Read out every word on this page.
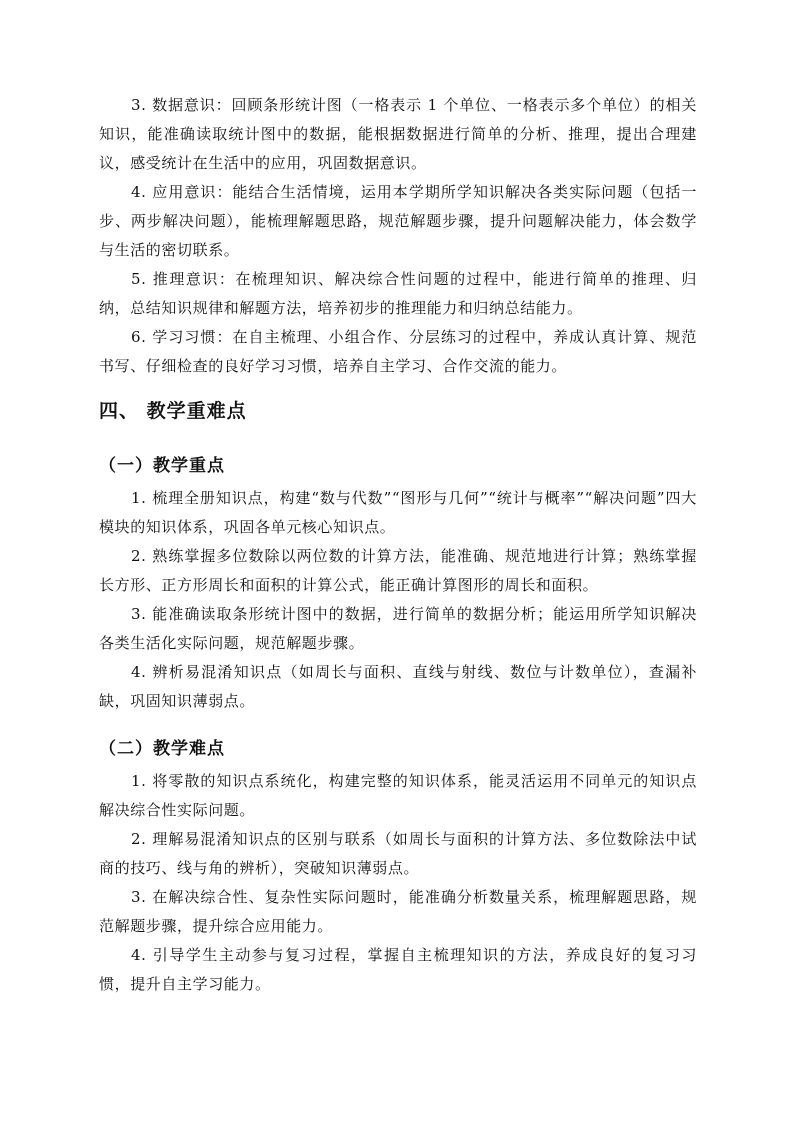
3. 数据意识：回顾条形统计图（一格表示 1 个单位、一格表示多个单位）的相关知识，能准确读取统计图中的数据，能根据数据进行简单的分析、推理，提出合理建议，感受统计在生活中的应用，巩固数据意识。

4. 应用意识：能结合生活情境，运用本学期所学知识解决各类实际问题（包括一步、两步解决问题），能梳理解题思路，规范解题步骤，提升问题解决能力，体会数学与生活的密切联系。

5. 推理意识：在梳理知识、解决综合性问题的过程中，能进行简单的推理、归纳，总结知识规律和解题方法，培养初步的推理能力和归纳总结能力。

6. 学习习惯：在自主梳理、小组合作、分层练习的过程中，养成认真计算、规范书写、仔细检查的良好学习习惯，培养自主学习、合作交流的能力。

四、 教学重难点
（一）教学重点

1. 梳理全册知识点，构建“数与代数”“图形与几何”“统计与概率”“解决问题”四大模块的知识体系，巩固各单元核心知识点。

2. 熟练掌握多位数除以两位数的计算方法，能准确、规范地进行计算；熟练掌握长方形、正方形周长和面积的计算公式，能正确计算图形的周长和面积。

3. 能准确读取条形统计图中的数据，进行简单的数据分析；能运用所学知识解决各类生活化实际问题，规范解题步骤。

4. 辨析易混淆知识点（如周长与面积、直线与射线、数位与计数单位），查漏补缺，巩固知识薄弱点。

（二）教学难点

1. 将零散的知识点系统化，构建完整的知识体系，能灵活运用不同单元的知识点解决综合性实际问题。

2. 理解易混淆知识点的区别与联系（如周长与面积的计算方法、多位数除法中试商的技巧、线与角的辨析），突破知识薄弱点。

3. 在解决综合性、复杂性实际问题时，能准确分析数量关系，梳理解题思路，规范解题步骤，提升综合应用能力。

4. 引导学生主动参与复习过程，掌握自主梳理知识的方法，养成良好的复习习惯，提升自主学习能力。
